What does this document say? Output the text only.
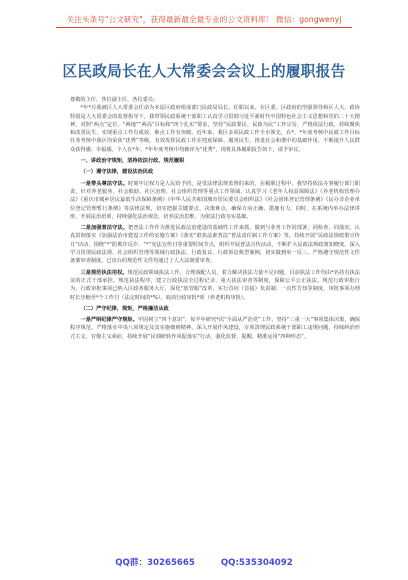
关注头条号"公文研究"，获得最新最全最专业的公文资料库！ 微信：gongwenyj
区民政局长在人大常委会会议上的履职报告

尊敬的主任，各位副主任，各位委员：

*年*月我被区人大常委会任命为本届区政府组成部门民政局局长。任职以来，在区委、区政府的坚强领导和区人大、政协特别是人大常委会的监督指导下，我带领民政系统干部职工认真学习贯彻习近平新时代中国特色社会主义思想和党的二十大精神，对照“两点”定位、“两地”“两高”目标和“四个扎实”要求，坚持“民政要民、民政为民”工作宗旨，严格依法行政，持续聚焦和改善民生，实现重点工作有成效、难点工作有突破。近年来，我区多项民政工作全市领先，在*、*年度考核中民政工作目标任务考核中我区均荣获“优秀”等级，有效发挥民政工作在兜底保障、服务民生、推进社会和谐中的基础作用，不断提升人民群众获得感、幸福感。个人在*年、*年年度考核中均被评为“优秀”，现将具体履职报告如下，请予审议。

一、讲政治守规矩，坚持依法行政、规范履职

（一）遵守法律，建设法治民政

一是带头尊法守法。时刻牢记权力是人民给予的，是受法律法规监督的来的，在履职过程中，我坚持依法办事履行部门职责，针对养老服务、社会救助、社区治理、社会组织管理等重点工作领域，认真学习《老年人权益保障法》《养老机构管理办法》《重庆市城乡居民最低生活保障条例》《中华人民共和国城市居民委员会组织法》《社会团体登记管理条例》《民办非企业单位登记管理暂行条例》等法律法规，切实把握关键要点、决策难点，确保方向正确、措施有力。同时，在系统内举办法律讲座、开展法治培训，持续强化法治观念，培养法治思维，为依法行政夯实基础。

二是加强普法守法。把普法工作作为推进民政法治建设的基础性工作来抓，做到与业务工作同部署、同检查、同落实。认真贯彻落实《加强法治市建设工作的实施方案》《落实“谁执法谁普法”普法责任制工作方案》等，持续开展“民政法规政策宣传月”活动，围绕“*”防欺诈反诈、“*”宪法宣传日等重要时间节点，组织开展普法宣传活动，不断扩大民政法规政策知晓度。深入学习贯彻民政法规、社会组织管理等领域行政执法、行政复议、行政诉讼典型案例，切实做到举一反三。严格遵守规范性文件备案审查制度，已出台的规范性文件均通过了人大法制委审查。

三是规范执法用权。规范民政领域执法工作，合理调配人员，着力解决执法力量不足问题，目前执法工作均由*名持有执法证的正式干部承担。规范执法程序，建立行政执法全过程记录、重大执法审查等制度，保障公平公正执法。规范行政审批行为，行政审批事项已纳入区政务服务大厅，深化“放管服”改革，实行首问（首接）负责制、一次性告知等制度，审批事项办理时长压缩至*个工作日（法定时间的*%）。取消行政审批*项（养老机构审批）。

（二）严守纪律，规矩，严格廉洁从政

一是严明纪律严守规矩。牢固树立“四个意识”，每半年研究*次“全面从严治党”工作，坚持“三重一大”事项集体决策，确保程序规范。严格落实中央八项规定及其实施细则精神，深入开展作风建设，专项清理民政系统干部职工违规问题，持续纠治形式主义、官僚主义顽症，持续开展“民调研转作风促落实”行动，强化监督，提醒，精准运用“四种形态”。

QQ群：30265665	QQ:535304092
